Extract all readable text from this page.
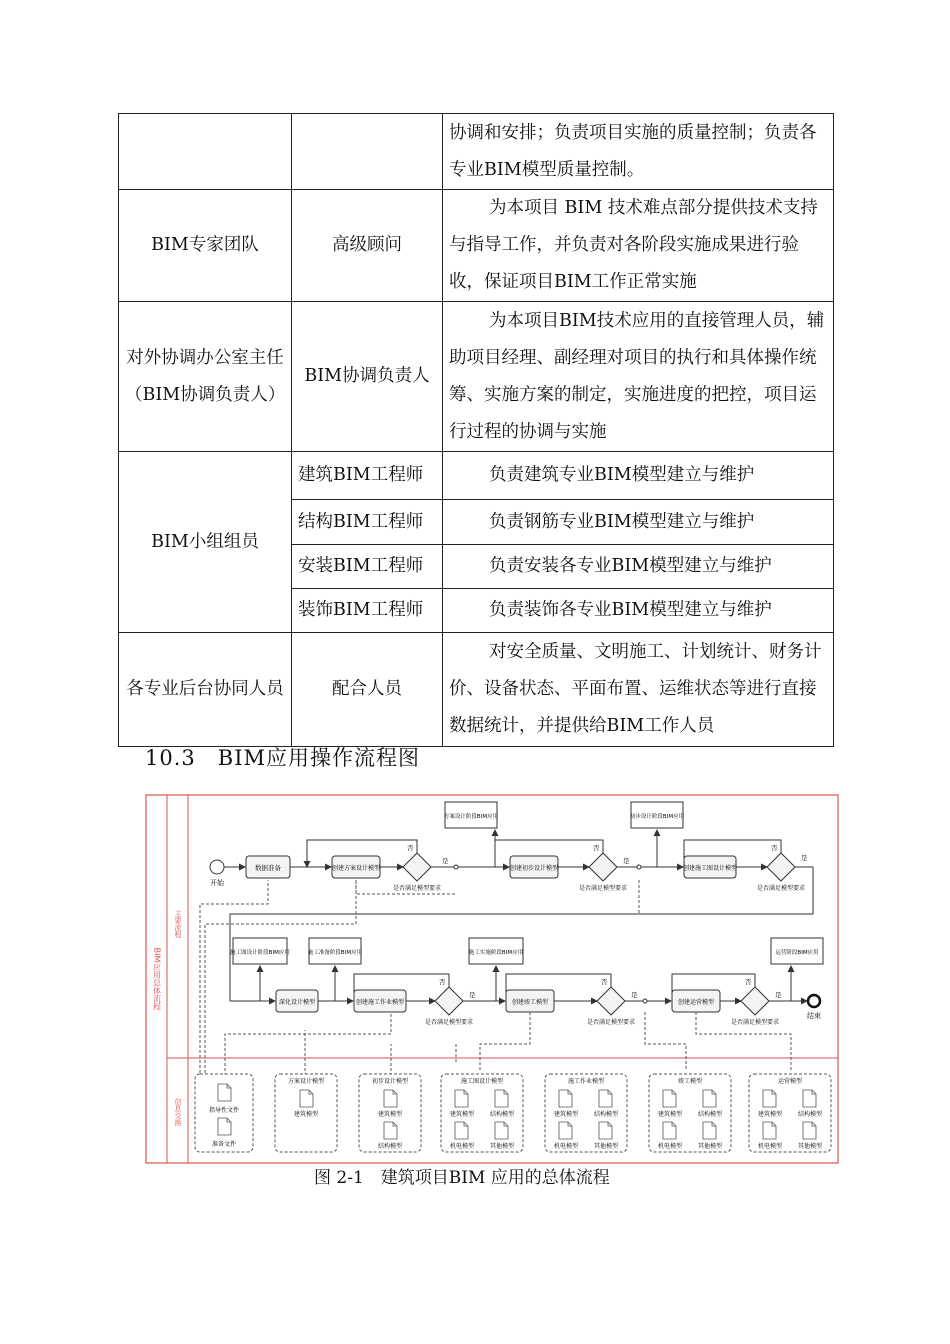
		协调和安排；负责项目实施的质量控制；负责各专业BIM模型质量控制。
BIM专家团队	高级顾问	为本项目 BIM 技术难点部分提供技术支持与指导工作，并负责对各阶段实施成果进行验收，保证项目BIM工作正常实施

对外协调办公室主任（BIM协调负责人）	BIM协调负责人	为本项目BIM技术应用的直接管理人员，辅助项目经理、副经理对项目的执行和具体操作统筹、实施方案的制定，实施进度的把控，项目运行过程的协调与实施

BIM小组组员	建筑BIM工程师	负责建筑专业BIM模型建立与维护

	结构BIM工程师	负责钢筋专业BIM模型建立与维护

	安装BIM工程师	负责安装各专业BIM模型建立与维护

	装饰BIM工程师	负责装饰各专业BIM模型建立与维护

各专业后台协同人员	配合人员	对安全质量、文明施工、计划统计、财务计价、设备状态、平面布置、运维状态等进行直接数据统计，并提供给BIM工作人员
10.3　BIM应用操作流程图
BIM应用总体流程
主要流程
信息交换
开始
数据准备	创建方案设计模型
是否满足模型要求
否
是
方案设计阶段BIM应用
创建初步设计模型
是否满足模型要求
否
是
初步设计阶段BIM应用
创建施工图设计模型
是否满足模型要求
否
是
深化设计模型
施工图设计阶段BIM应用	施工准备阶段BIM应用
创建施工作业模型
是否满足模型要求
否
是
施工实施阶段BIM应用
创建竣工模型
是否满足模型要求
否
是
创建运营模型
是否满足模型要求
否
是
运营阶段BIM应用
结束
指导性文件
准备文件
方案设计模型
建筑模型
初步设计模型
建筑模型
结构模型
施工图设计模型
建筑模型	结构模型
机电模型	其他模型
施工作业模型
建筑模型	结构模型
机电模型	其他模型
竣工模型
建筑模型	结构模型
机电模型	其他模型
运营模型
建筑模型	结构模型
机电模型	其他模型
图 2-1　建筑项目BIM 应用的总体流程
